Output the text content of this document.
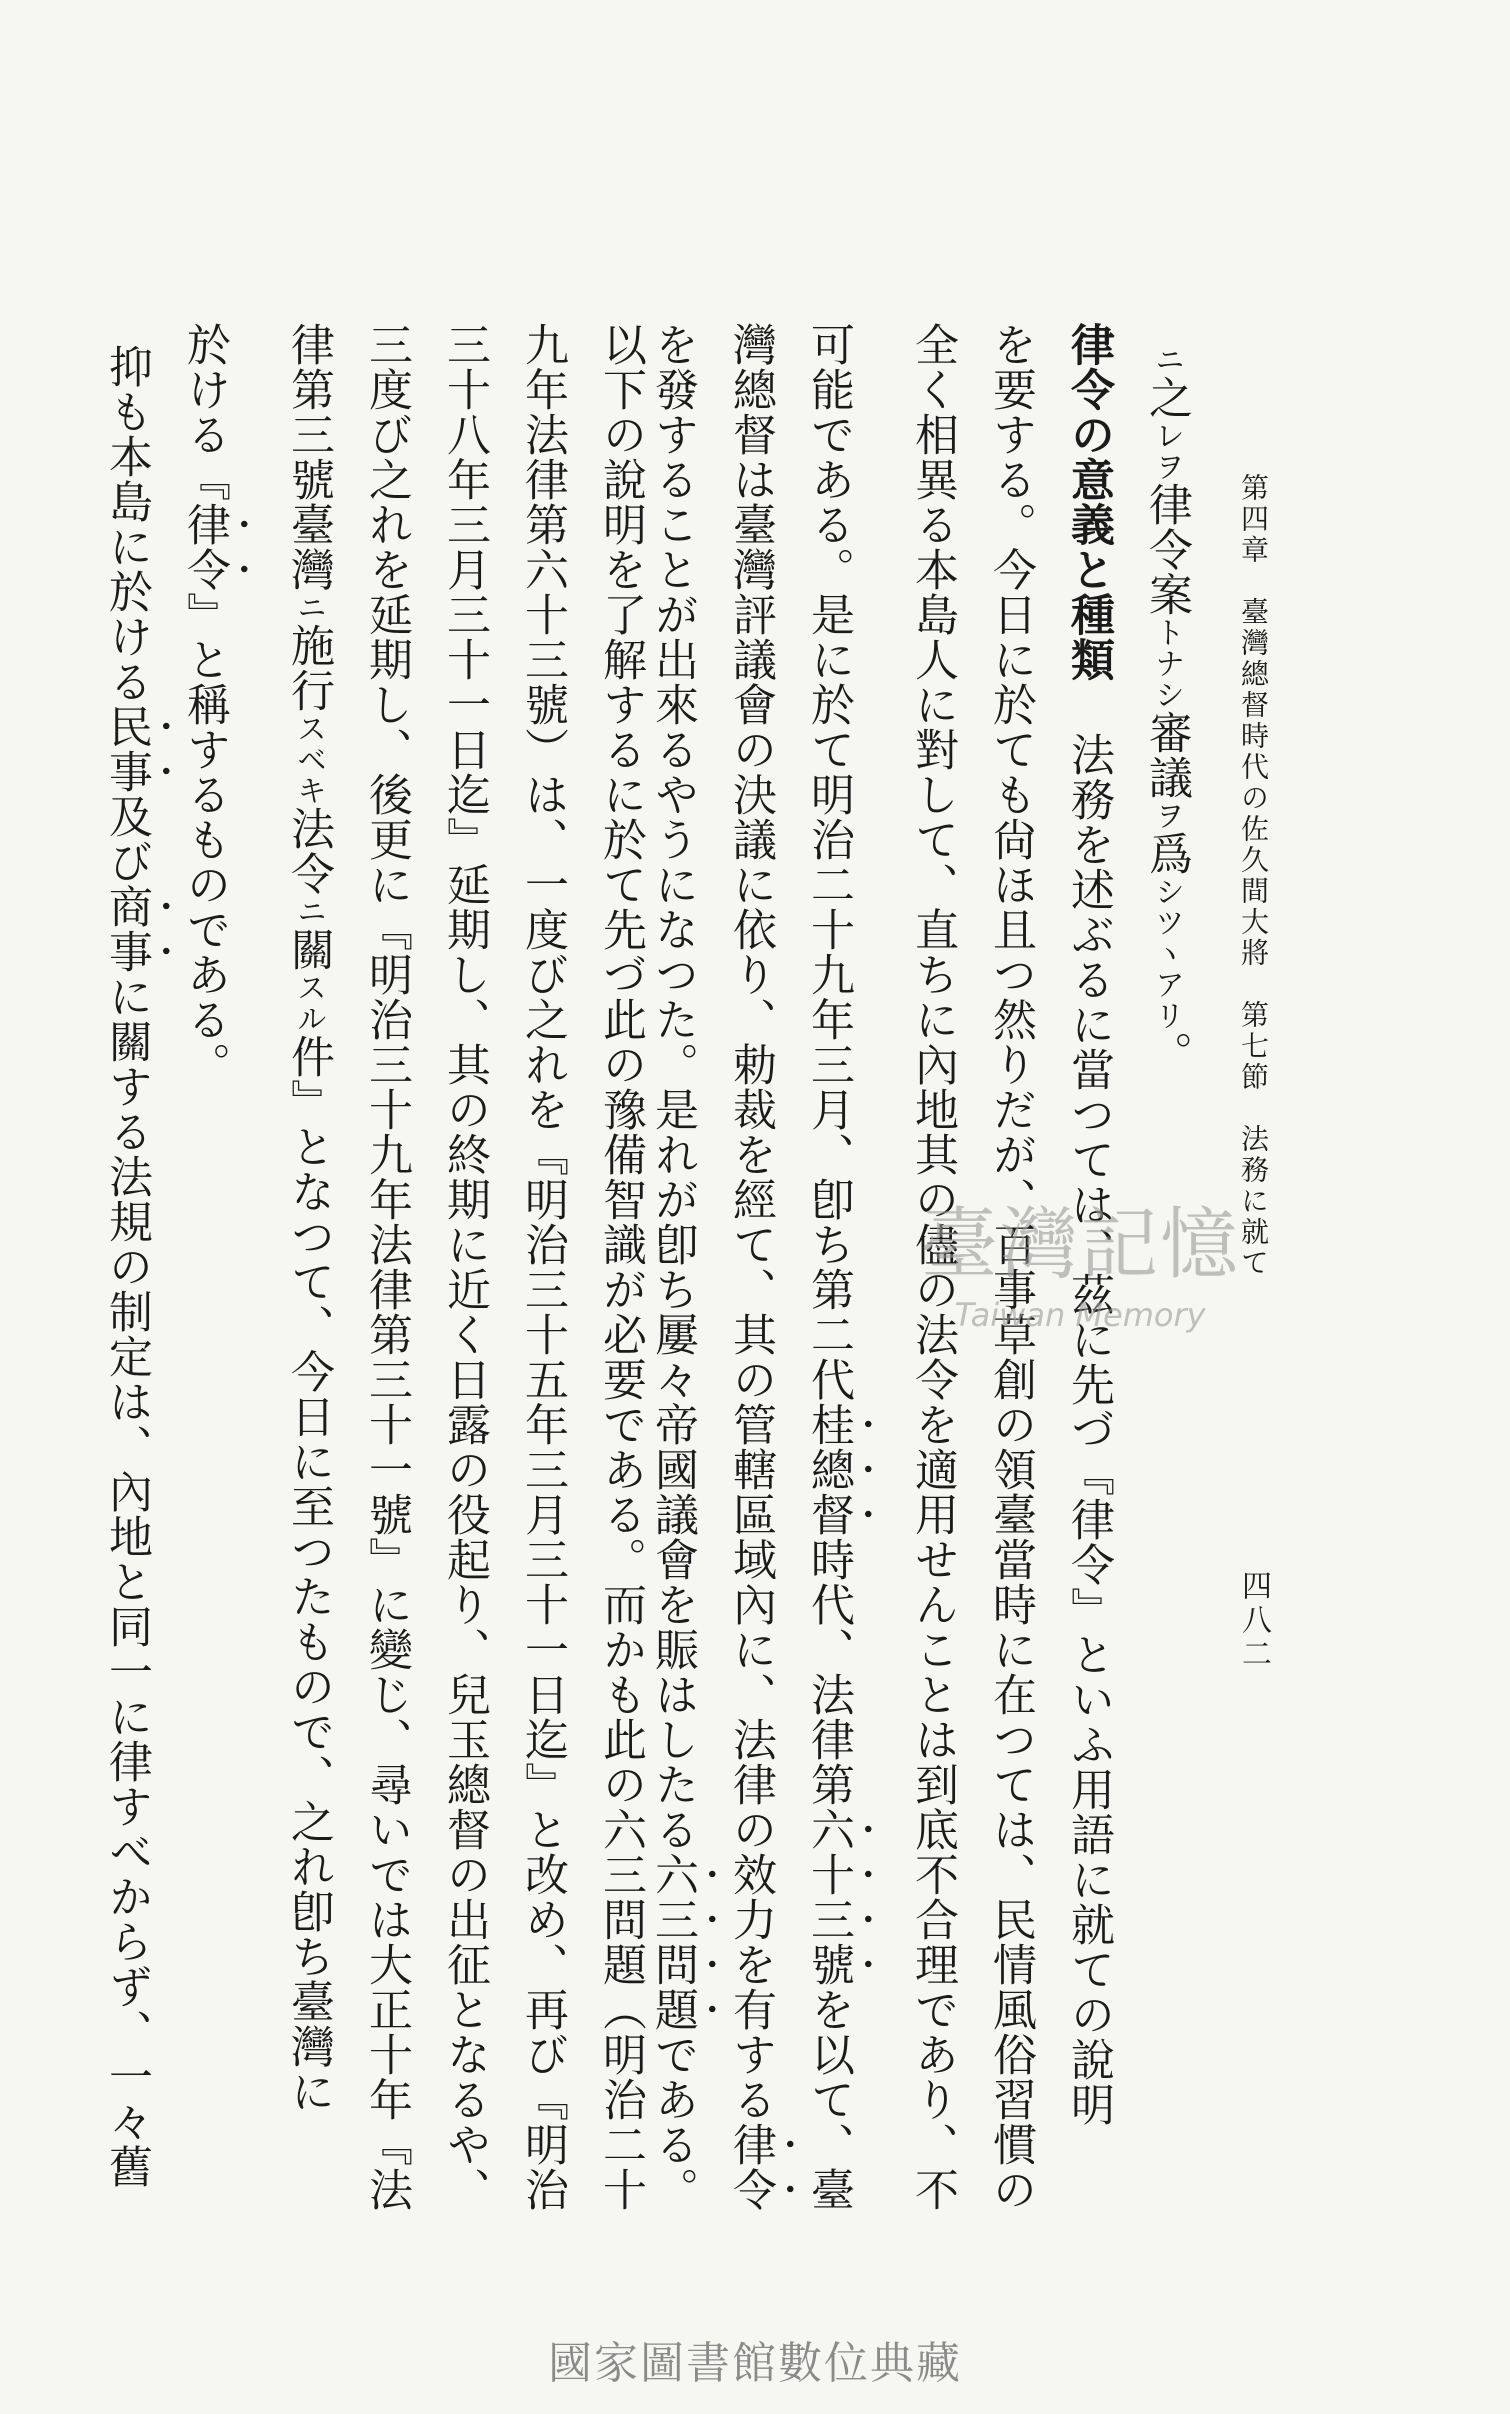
第四章　臺灣總督時代の佐久間大將　第七節　法務に就て
四八二
ニ之レヲ律令案トナシ審議ヲ爲シツヽアリ。
律令の意義と種類法務を述ぶるに當つては、茲に先づ『律令』といふ用語に就ての說明
を要する。今日に於ても尙ほ且つ然りだが、百事草創の領臺當時に在つては、民情風俗習慣の
全く相異る本島人に對して、直ちに內地其の儘の法令を適用せんことは到底不合理であり、不
可能である。是に於て明治二十九年三月、卽ち第二代桂總督時代、法律第六十三號を以て、臺
灣總督は臺灣評議會の決議に依り、勅裁を經て、其の管轄區域內に、法律の效力を有する律令
を發することが出來るやうになつた。是れが卽ち屢々帝國議會を賑はしたる六三問題である。
以下の說明を了解するに於て先づ此の豫備智識が必要である。而かも此の六三問題（明治二十
九年法律第六十三號）は、一度び之れを『明治三十五年三月三十一日迄』と改め、再び『明治
三十八年三月三十一日迄』延期し、其の終期に近く日露の役起り、兒玉總督の出征となるや、
三度び之れを延期し、後更に『明治三十九年法律第三十一號』に變じ、尋いでは大正十年『法
律第三號臺灣ニ施行スベキ法令ニ關スル件』となつて、今日に至つたもので、之れ卽ち臺灣に
於ける『律令』と稱するものである。
抑も本島に於ける民事及び商事に關する法規の制定は、內地と同一に律すべからず、一々舊	臺灣記憶
Taiwan Memory
國家圖書館數位典藏
